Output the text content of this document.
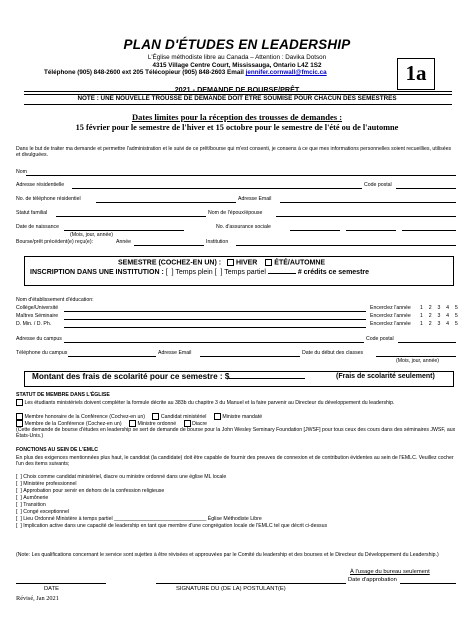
PLAN D'ÉTUDES EN LEADERSHIP
L'Église méthodiste libre au Canada – Attention : Davika Dotson
4315 Village Centre Court, Mississauga, Ontario L4Z 1S2
Téléphone (905) 848-2600 ext 205 Télécopieur (905) 848-2603 Email jennifer.cornwall@fmcic.ca	1a
2021 - DEMANDE DE BOURSE/PRÊT
NOTE : UNE NOUVELLE TROUSSE DE DEMANDE DOIT ÊTRE SOUMISE POUR CHACUN DES SEMESTRES
Dates limites pour la réception des trousses de demandes :
15 février pour le semestre de l'hiver et 15 octobre pour le semestre de l'été ou de l'automne
Dans le but de traiter ma demande et permettre l'administration et le suivi de ce prêt/bourse qui m'est consenti, je consens à ce que mes informations personnelles soient recueillies, utilisées et divulguées.
Nom
Adresse résidentielle	Code postal
No. de téléphone résidentiel	Adresse Email
Statut familial	Nom de l'époux/épouse
Date de naissance
(Mois, jour, année)
No. d'assurance sociale
Bourse/prêt précédent(e) reçu(e):	Année	Institution
SEMESTRE (COCHEZ-EN UN) : HIVER ÉTÉ/AUTOMNE
INSCRIPTION DANS UNE INSTITUTION : [  ] Temps plein [  ] Temps partiel	# crédits ce semestre
Nom d'établissement d'éducation:
Collège/Université	Encerclez l'année 1 2 3 4 5
Maîtres Séminaire	Encerclez l'année 1 2 3 4 5
D. Min. / D. Ph.	Encerclez l'année 1 2 3 4 5
Adresse du campus	Code postal
Téléphone du campus	Adresse Email	Date du début des classes
(Mois, jour, année)
Montant des frais de scolarité pour ce semestre : $	(Frais de scolarité seulement)
STATUT DE MEMBRE DANS L'ÉGLISE
Les étudiants ministériels doivent compléter la formule décrite au 383b du chapitre 3 du Manuel et la faire parvenir au Directeur du développement du leadership.
Membre honoraire de la Conférence (Cochez-en un)	Candidat ministériel	Ministre mandaté
Membre de la Conférence (Cochez-en un)	Ministre ordonné	Diacre
(Cette demande de bourse d'études en leadership se sert de demande de bourse pour la John Wesley Seminary Foundation [JWSF] pour tous ceux des cours dans des séminaires JWSF, aux États-Unis.)
FONCTIONS AU SEIN DE L'EMLC
En plus des exigences mentionnées plus haut, le candidat (la candidate) doit être capable de fournir des preuves de connexion et de contribution évidentes au sein de l'EMLC. Veuillez cocher l'un des items suivants;
[  ] Choix comme candidat ministériel, diacre ou ministre ordonné dans une église ML locale
[  ] Ministère professionnel
[  ] Approbation pour servir en dehors de la confession religieuse
[  ] Aumônerie
[  ] Transition
[  ] Congé exceptionnel
[  ] Lieu Ordonné Ministère à temps partiel ________________________________ Église Méthodiste Libre
[  ] Implication active dans une capacité de leadership en tant que membre d'une congrégation locale de l'EMLC tel que décrit ci-dessus
(Note: Les qualifications concernant le service sont sujettes à être révisées et approuvées par le Comité du leadership et des bourses et le Directeur du Développement du Leadership.)
À l'usage du bureau seulement
Date d'approbation
DATE	SIGNATURE DU (DE LA) POSTULANT(E)
Révisé, Jan 2021
